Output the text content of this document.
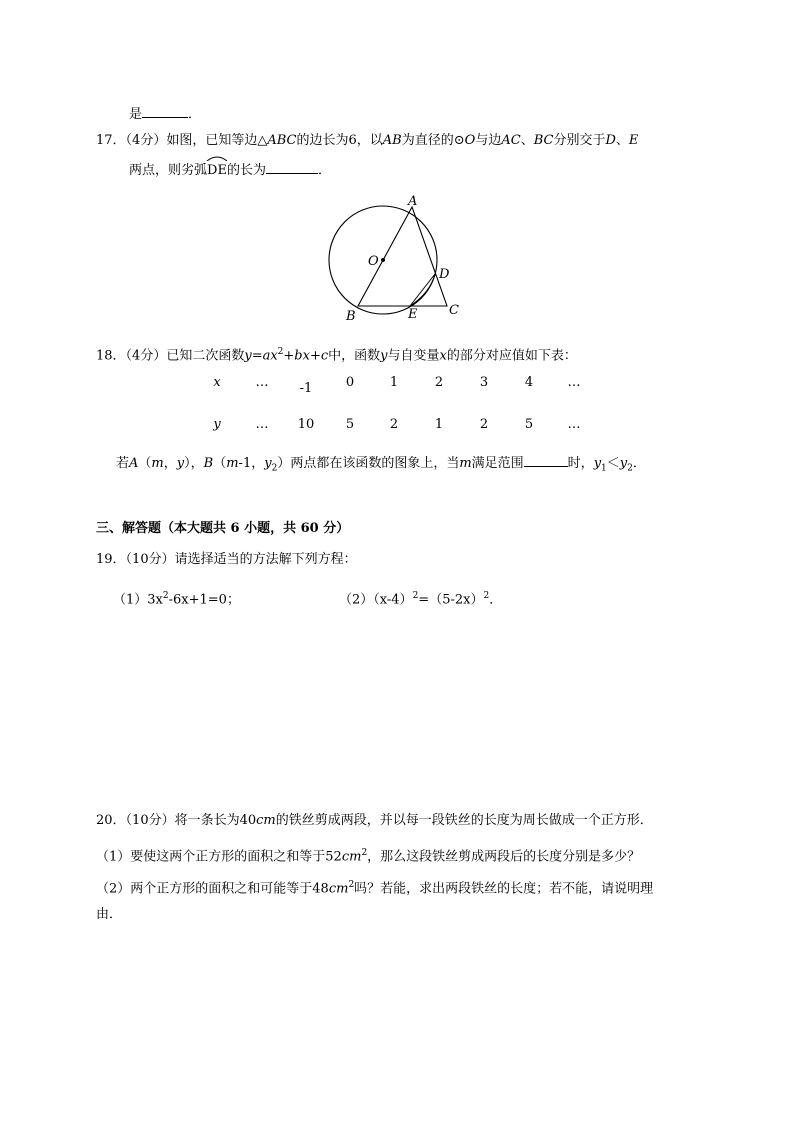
是	．
17．（4分）如图，已知等边△ABC的边长为6，以AB为直径的⊙O与边AC、BC分别交于D、E
两点，则劣弧
DE的长为	．
A
O
D
B	E C
18．（4分）已知二次函数$y=ax^2+bx+c$中，函数y与自变量x的部分对应值如下表：
x	…	-1	0	1	2	3	4	…
y	…	10	5	2	1	2	5	…
若A（m，y），B（m-1，$y_2$）两点都在该函数的图象上，当m满足范围	时，$y_1<y_2$．
三、解答题（本大题共 6 小题，共 60 分）
19．（10分）请选择适当的方法解下列方程：
$(1)3x^2-6x+1=0$；	$(2)(x-4)^2=(5-2x)^2$．
20．（10分）将一条长为40cm的铁丝剪成两段，并以每一段铁丝的长度为周长做成一个正方形．
（1）要使这两个正方形的面积之和等于$52cm^2$，那么这段铁丝剪成两段后的长度分别是多少？
（2）两个正方形的面积之和可能等于$48cm^2$吗？若能，求出两段铁丝的长度；若不能，请说明理
由．
